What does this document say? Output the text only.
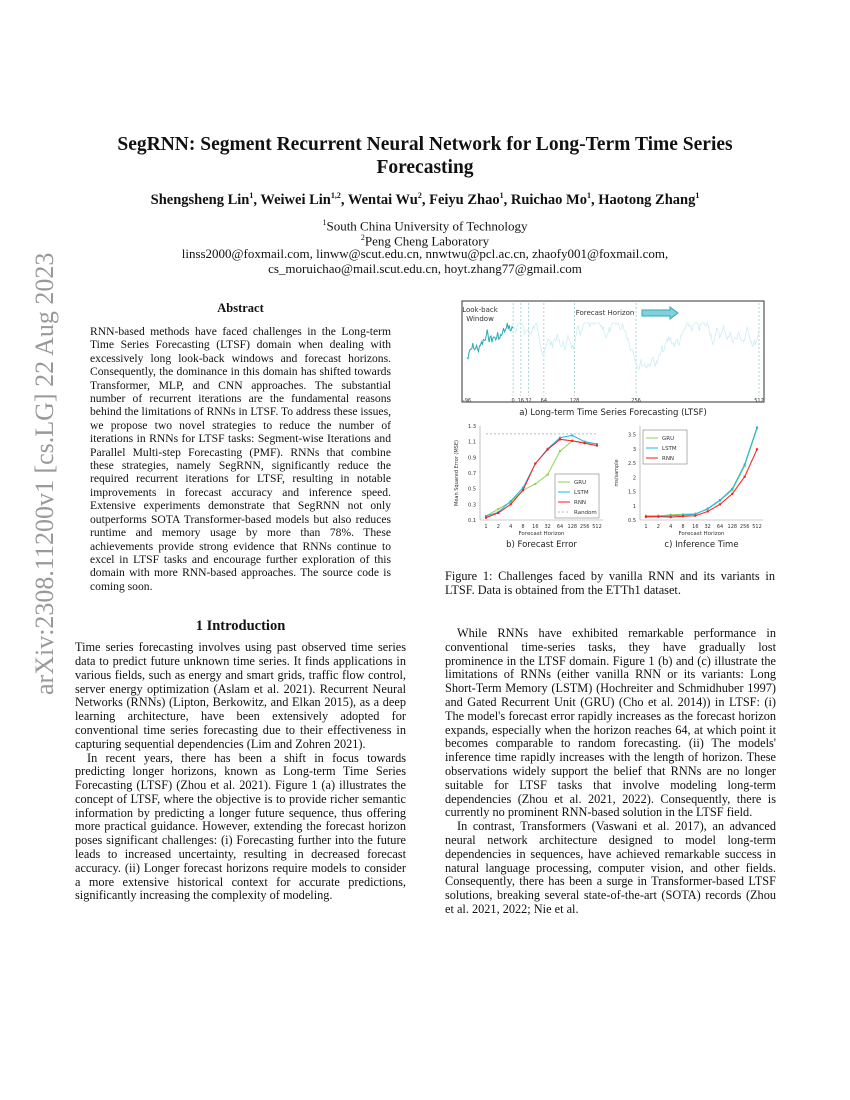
arXiv:2308.11200v1 [cs.LG] 22 Aug 2023
SegRNN: Segment Recurrent Neural Network for Long-Term Time Series Forecasting
Shengsheng Lin$^1$, Weiwei Lin$^{1,2}$, Wentai Wu$^2$, Feiyu Zhao$^1$, Ruichao Mo$^1$, Haotong Zhang$^1$
$^1$South China University of Technology
$^2$Peng Cheng Laboratory
linss2000@foxmail.com, linww@scut.edu.cn, nnwtwu@pcl.ac.cn, zhaofy001@foxmail.com,
cs_moruichao@mail.scut.edu.cn, hoyt.zhang77@gmail.com
Abstract

RNN-based methods have faced challenges in the Long-term Time Series Forecasting (LTSF) domain when dealing with excessively long look-back windows and forecast horizons. Consequently, the dominance in this domain has shifted towards Transformer, MLP, and CNN approaches. The substantial number of recurrent iterations are the fundamental reasons behind the limitations of RNNs in LTSF. To address these issues, we propose two novel strategies to reduce the number of iterations in RNNs for LTSF tasks: Segment-wise Iterations and Parallel Multi-step Forecasting (PMF). RNNs that combine these strategies, namely SegRNN, significantly reduce the required recurrent iterations for LTSF, resulting in notable improvements in forecast accuracy and inference speed. Extensive experiments demonstrate that SegRNN not only outperforms SOTA Transformer-based models but also reduces runtime and memory usage by more than 78%. These achievements provide strong evidence that RNNs continue to excel in LTSF tasks and encourage further exploration of this domain with more RNN-based approaches. The source code is coming soon.

1 Introduction

Time series forecasting involves using past observed time series data to predict future unknown time series. It finds applications in various fields, such as energy and smart grids, traffic flow control, server energy optimization (Aslam et al. 2021). Recurrent Neural Networks (RNNs) (Lipton, Berkowitz, and Elkan 2015), as a deep learning architecture, have been extensively adopted for conventional time series forecasting due to their effectiveness in capturing sequential dependencies (Lim and Zohren 2021).

In recent years, there has been a shift in focus towards predicting longer horizons, known as Long-term Time Series Forecasting (LTSF) (Zhou et al. 2021). Figure 1 (a) illustrates the concept of LTSF, where the objective is to provide richer semantic information by predicting a longer future sequence, thus offering more practical guidance. However, extending the forecast horizon poses significant challenges: (i) Forecasting further into the future leads to increased uncertainty, resulting in decreased forecast accuracy. (ii) Longer forecast horizons require models to consider a more extensive historical context for accurate predictions, significantly increasing the complexity of modeling.

-96	0 16 32 64	128	256	512
Look-back
Window
Forecast Horizon
a) Long-term Time Series Forecasting (LTSF)
0.1
0.3
0.5
0.7
0.9
1.1
1.3
1 2 4 8 16 32 64 128 256 512
Forecast Horizon
Mean Squared Error (MSE)
b) Forecast Error
GRU
LSTM
RNN
Random
0.5
1
1.5
2
2.5
3
3.5
1 2 4 8 16 32 64 128 256 512
Forecast Horizon
ms/sample
c) Inference Time
GRU
LSTM
RNN

Figure 1: Challenges faced by vanilla RNN and its variants in LTSF. Data is obtained from the ETTh1 dataset.

While RNNs have exhibited remarkable performance in conventional time-series tasks, they have gradually lost prominence in the LTSF domain. Figure 1 (b) and (c) illustrate the limitations of RNNs (either vanilla RNN or its variants: Long Short-Term Memory (LSTM) (Hochreiter and Schmidhuber 1997) and Gated Recurrent Unit (GRU) (Cho et al. 2014)) in LTSF: (i) The model's forecast error rapidly increases as the forecast horizon expands, especially when the horizon reaches 64, at which point it becomes comparable to random forecasting. (ii) The models' inference time rapidly increases with the length of horizon. These observations widely support the belief that RNNs are no longer suitable for LTSF tasks that involve modeling long-term dependencies (Zhou et al. 2021, 2022). Consequently, there is currently no prominent RNN-based solution in the LTSF field.

In contrast, Transformers (Vaswani et al. 2017), an advanced neural network architecture designed to model long-term dependencies in sequences, have achieved remarkable success in natural language processing, computer vision, and other fields. Consequently, there has been a surge in Transformer-based LTSF solutions, breaking several state-of-the-art (SOTA) records (Zhou et al. 2021, 2022; Nie et al.
